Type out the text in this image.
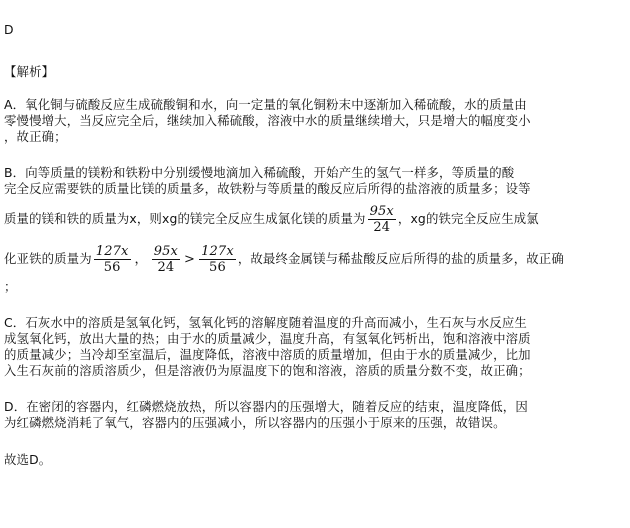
D
【解析】
A．氧化铜与硫酸反应生成硫酸铜和水，向一定量的氧化铜粉末中逐渐加入稀硫酸，水的质量由
零慢慢增大，当反应完全后，继续加入稀硫酸，溶液中水的质量继续增大，只是增大的幅度变小
，故正确；
B．向等质量的镁粉和铁粉中分别缓慢地滴加入稀硫酸，开始产生的氢气一样多，等质量的酸
完全反应需要铁的质量比镁的质量多，故铁粉与等质量的酸反应后所得的盐溶液的质量多；设等
质量的镁和铁的质量为x，则xg的镁完全反应生成氯化镁的质量为 $\frac{95x}{24}$ ，xg的铁完全反应生成氯
化亚铁的质量为 $\frac{127x}{56}$ ， $\frac{95x}{24} > \frac{127x}{56}$ ，故最终金属镁与稀盐酸反应后所得的盐的质量多，故正确
；
C．石灰水中的溶质是氢氧化钙，氢氧化钙的溶解度随着温度的升高而减小，生石灰与水反应生
成氢氧化钙，放出大量的热；由于水的质量减少，温度升高，有氢氧化钙析出，饱和溶液中溶质
的质量减少；当冷却至室温后，温度降低，溶液中溶质的质量增加，但由于水的质量减少，比加
入生石灰前的溶质溶质少，但是溶液仍为原温度下的饱和溶液，溶质的质量分数不变，故正确；
D．在密闭的容器内，红磷燃烧放热，所以容器内的压强增大，随着反应的结束，温度降低，因
为红磷燃烧消耗了氧气，容器内的压强减小，所以容器内的压强小于原来的压强，故错误。
故选D。
